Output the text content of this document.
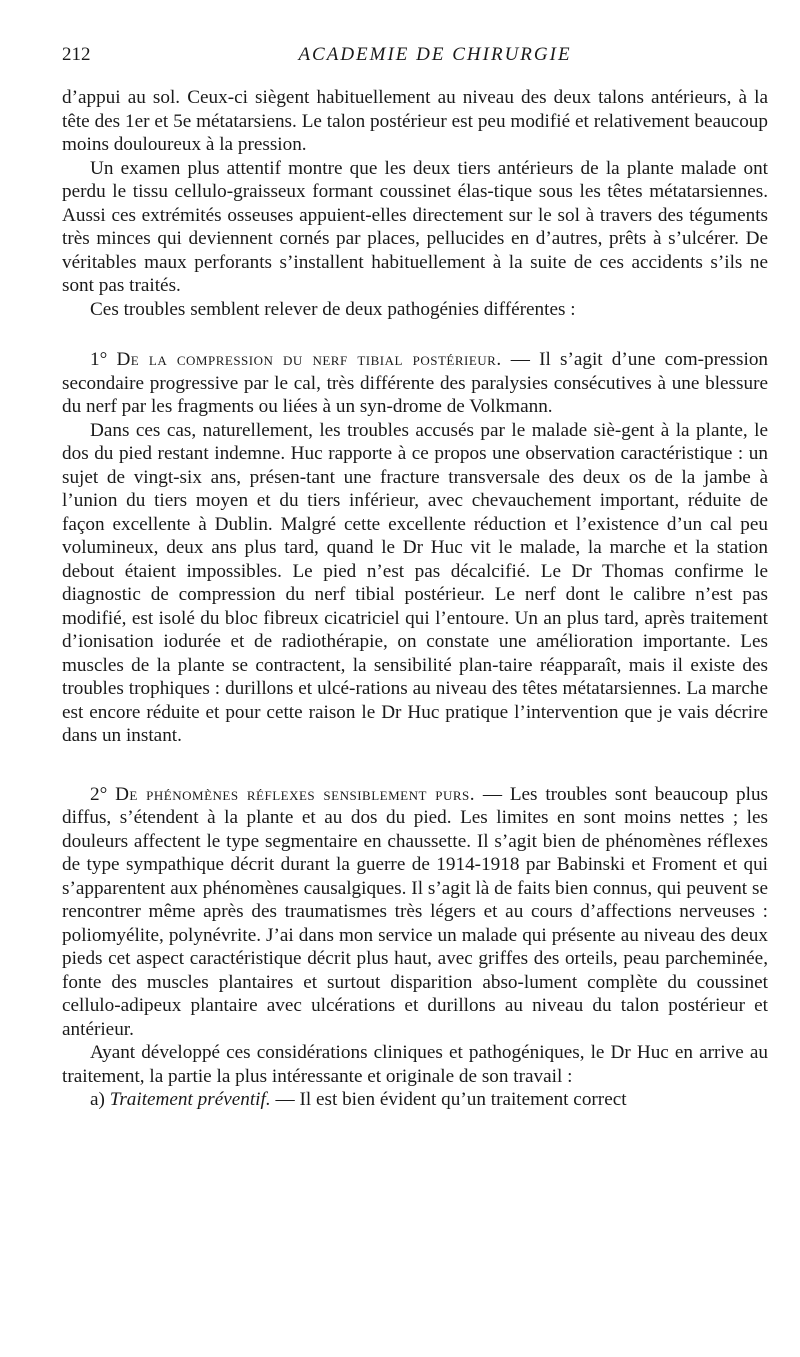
212	ACADEMIE DE CHIRURGIE

d’appui au sol. Ceux-ci siègent habituellement au niveau des deux talons antérieurs, à la tête des 1er et 5e métatarsiens. Le talon postérieur est peu modifié et relativement beaucoup moins douloureux à la pression.

Un examen plus attentif montre que les deux tiers antérieurs de la plante malade ont perdu le tissu cellulo-graisseux formant coussinet élas-tique sous les têtes métatarsiennes. Aussi ces extrémités osseuses appuient-elles directement sur le sol à travers des téguments très minces qui deviennent cornés par places, pellucides en d’autres, prêts à s’ulcérer. De véritables maux perforants s’installent habituellement à la suite de ces accidents s’ils ne sont pas traités.

Ces troubles semblent relever de deux pathogénies différentes :

1° De la compression du nerf tibial postérieur. — Il s’agit d’une com-pression secondaire progressive par le cal, très différente des paralysies consécutives à une blessure du nerf par les fragments ou liées à un syn-drome de Volkmann.

Dans ces cas, naturellement, les troubles accusés par le malade siè-gent à la plante, le dos du pied restant indemne. Huc rapporte à ce propos une observation caractéristique : un sujet de vingt-six ans, présen-tant une fracture transversale des deux os de la jambe à l’union du tiers moyen et du tiers inférieur, avec chevauchement important, réduite de façon excellente à Dublin. Malgré cette excellente réduction et l’existence d’un cal peu volumineux, deux ans plus tard, quand le Dr Huc vit le malade, la marche et la station debout étaient impossibles. Le pied n’est pas décalcifié. Le Dr Thomas confirme le diagnostic de compression du nerf tibial postérieur. Le nerf dont le calibre n’est pas modifié, est isolé du bloc fibreux cicatriciel qui l’entoure. Un an plus tard, après traitement d’ionisation iodurée et de radiothérapie, on constate une amélioration importante. Les muscles de la plante se contractent, la sensibilité plan-taire réapparaît, mais il existe des troubles trophiques : durillons et ulcé-rations au niveau des têtes métatarsiennes. La marche est encore réduite et pour cette raison le Dr Huc pratique l’intervention que je vais décrire dans un instant.

2° De phénomènes réflexes sensiblement purs. — Les troubles sont beaucoup plus diffus, s’étendent à la plante et au dos du pied. Les limites en sont moins nettes ; les douleurs affectent le type segmentaire en chaussette. Il s’agit bien de phénomènes réflexes de type sympathique décrit durant la guerre de 1914-1918 par Babinski et Froment et qui s’apparentent aux phénomènes causalgiques. Il s’agit là de faits bien connus, qui peuvent se rencontrer même après des traumatismes très légers et au cours d’affections nerveuses : poliomyélite, polynévrite. J’ai dans mon service un malade qui présente au niveau des deux pieds cet aspect caractéristique décrit plus haut, avec griffes des orteils, peau parcheminée, fonte des muscles plantaires et surtout disparition abso-lument complète du coussinet cellulo-adipeux plantaire avec ulcérations et durillons au niveau du talon postérieur et antérieur.

Ayant développé ces considérations cliniques et pathogéniques, le Dr Huc en arrive au traitement, la partie la plus intéressante et originale de son travail :

a) Traitement préventif. — Il est bien évident qu’un traitement correct
